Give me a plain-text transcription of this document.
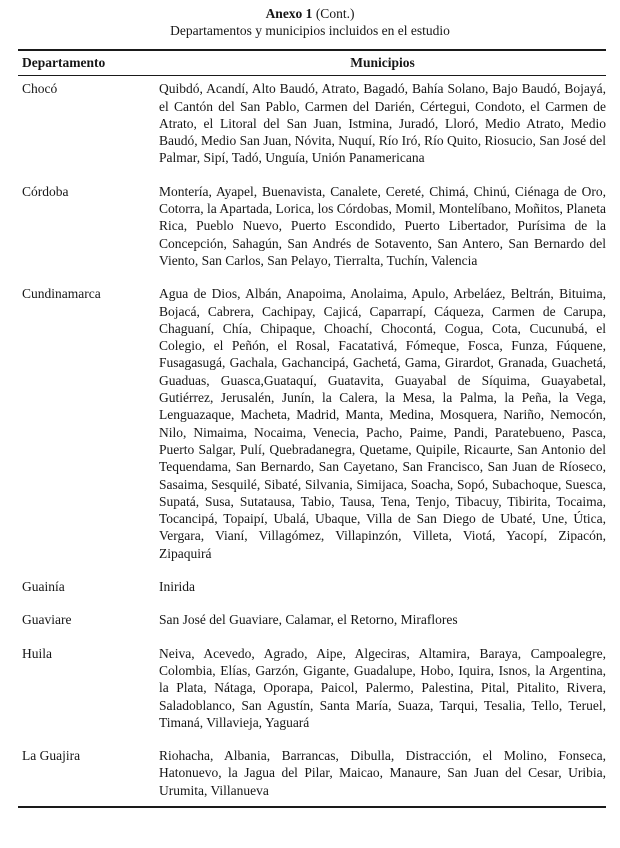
Anexo 1 (Cont.)
Departamentos y municipios incluidos en el estudio
Departamento	Municipios
Chocó	Quibdó, Acandí, Alto Baudó, Atrato, Bagadó, Bahía Solano, Bajo Baudó, Bojayá, el Cantón del San Pablo, Carmen del Darién, Cértegui, Condoto, el Carmen de Atrato, el Litoral del San Juan, Istmina, Juradó, Lloró, Medio Atrato, Medio Baudó, Medio San Juan, Nóvita, Nuquí, Río Iró, Río Quito, Riosucio, San José del Palmar, Sipí, Tadó, Unguía, Unión Panamericana
Córdoba	Montería, Ayapel, Buenavista, Canalete, Cereté, Chimá, Chinú, Ciénaga de Oro, Cotorra, la Apartada, Lorica, los Córdobas, Momil, Montelíbano, Moñitos, Planeta Rica, Pueblo Nuevo, Puerto Escondido, Puerto Libertador, Purísima de la Concepción, Sahagún, San Andrés de Sotavento, San Antero, San Bernardo del Viento, San Carlos, San Pelayo, Tierralta, Tuchín, Valencia
Cundinamarca	Agua de Dios, Albán, Anapoima, Anolaima, Apulo, Arbeláez, Beltrán, Bituima, Bojacá, Cabrera, Cachipay, Cajicá, Caparrapí, Cáqueza, Carmen de Carupa, Chaguaní, Chía, Chipaque, Choachí, Chocontá, Cogua, Cota, Cucunubá, el Colegio, el Peñón, el Rosal, Facatativá, Fómeque, Fosca, Funza, Fúquene, Fusagasugá, Gachala, Gachancipá, Gachetá, Gama, Girardot, Granada, Guachetá, Guaduas, Guasca,Guataquí, Guatavita, Guayabal de Síquima, Guayabetal, Gutiérrez, Jerusalén, Junín, la Calera, la Mesa, la Palma, la Peña, la Vega, Lenguazaque, Macheta, Madrid, Manta, Medina, Mosquera, Nariño, Nemocón, Nilo, Nimaima, Nocaima, Venecia, Pacho, Paime, Pandi, Paratebueno, Pasca, Puerto Salgar, Pulí, Quebradanegra, Quetame, Quipile, Ricaurte, San Antonio del Tequendama, San Bernardo, San Cayetano, San Francisco, San Juan de Ríoseco, Sasaima, Sesquilé, Sibaté, Silvania, Simijaca, Soacha, Sopó, Subachoque, Suesca, Supatá, Susa, Sutatausa, Tabio, Tausa, Tena, Tenjo, Tibacuy, Tibirita, Tocaima, Tocancipá, Topaipí, Ubalá, Ubaque, Villa de San Diego de Ubaté, Une, Útica, Vergara, Vianí, Villagómez, Villapinzón, Villeta, Viotá, Yacopí, Zipacón, Zipaquirá
Guainía	Inirida
Guaviare	San José del Guaviare, Calamar, el Retorno, Miraflores
Huila	Neiva, Acevedo, Agrado, Aipe, Algeciras, Altamira, Baraya, Campoalegre, Colombia, Elías, Garzón, Gigante, Guadalupe, Hobo, Iquira, Isnos, la Argentina, la Plata, Nátaga, Oporapa, Paicol, Palermo, Palestina, Pital, Pitalito, Rivera, Saladoblanco, San Agustín, Santa María, Suaza, Tarqui, Tesalia, Tello, Teruel, Timaná, Villavieja, Yaguará
La Guajira	Riohacha, Albania, Barrancas, Dibulla, Distracción, el Molino, Fonseca, Hatonuevo, la Jagua del Pilar, Maicao, Manaure, San Juan del Cesar, Uribia, Urumita, Villanueva
